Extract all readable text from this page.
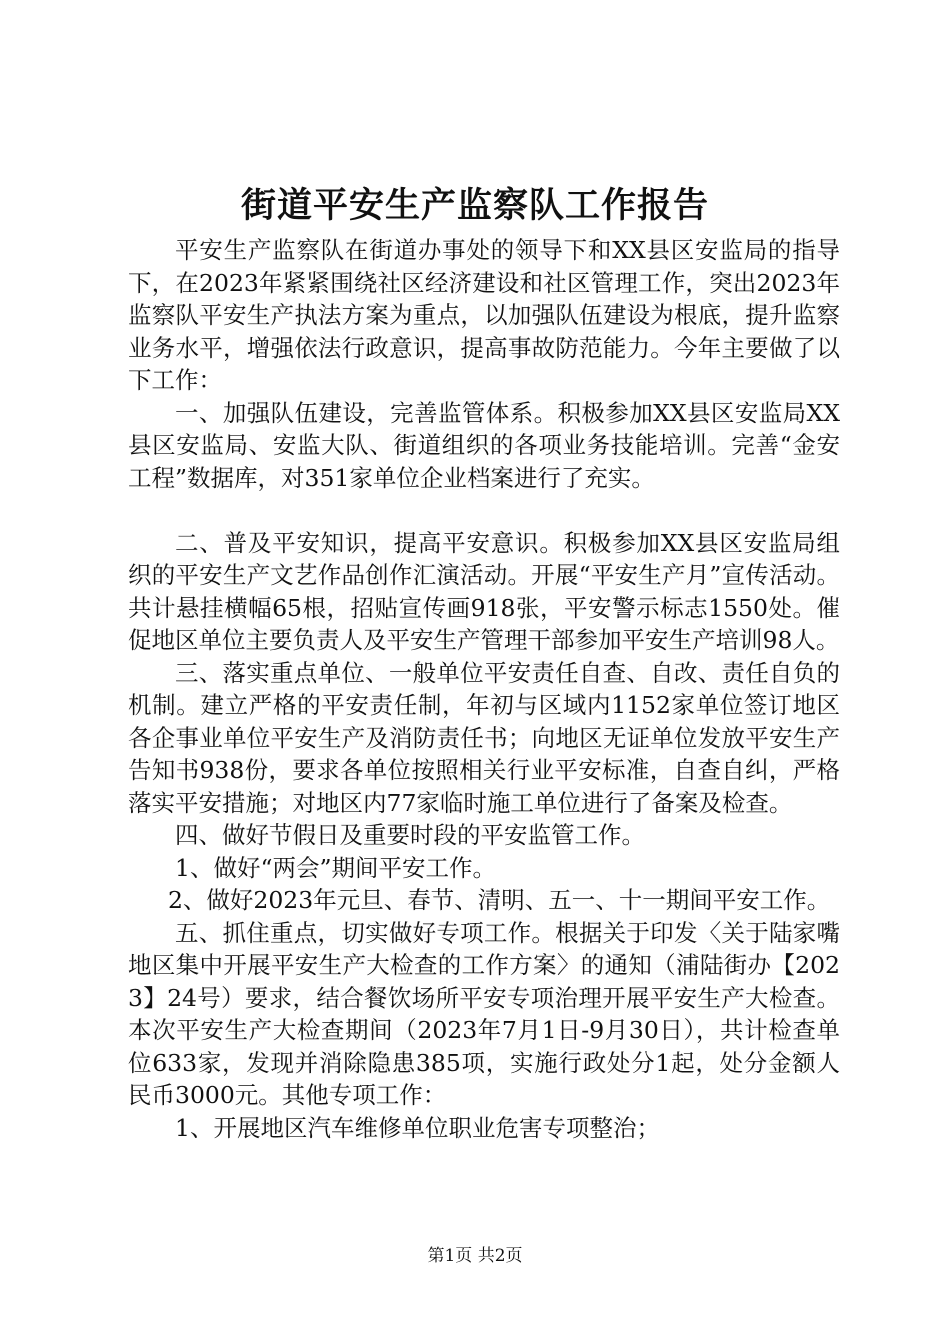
街道平安生产监察队工作报告

平安生产监察队在街道办事处的领导下和XX县区安监局的指导下，在2023年紧紧围绕社区经济建设和社区管理工作，突出2023年监察队平安生产执法方案为重点，以加强队伍建设为根底，提升监察业务水平，增强依法行政意识，提高事故防范能力。今年主要做了以下工作：

一、加强队伍建设，完善监管体系。积极参加XX县区安监局XX县区安监局、安监大队、街道组织的各项业务技能培训。完善“金安工程”数据库，对351家单位企业档案进行了充实。

二、普及平安知识，提高平安意识。积极参加XX县区安监局组织的平安生产文艺作品创作汇演活动。开展“平安生产月”宣传活动。共计悬挂横幅65根，招贴宣传画918张，平安警示标志1550处。催促地区单位主要负责人及平安生产管理干部参加平安生产培训98人。

三、落实重点单位、一般单位平安责任自查、自改、责任自负的机制。建立严格的平安责任制，年初与区域内1152家单位签订地区各企事业单位平安生产及消防责任书；向地区无证单位发放平安生产告知书938份，要求各单位按照相关行业平安标准，自查自纠，严格落实平安措施；对地区内77家临时施工单位进行了备案及检查。

四、做好节假日及重要时段的平安监管工作。

1、做好“两会”期间平安工作。

2、做好2023年元旦、春节、清明、五一、十一期间平安工作。

五、抓住重点，切实做好专项工作。根据关于印发〈关于陆家嘴地区集中开展平安生产大检查的工作方案〉的通知（浦陆街办【2023】24号）要求，结合餐饮场所平安专项治理开展平安生产大检查。本次平安生产大检查期间（2023年7月1日-9月30日），共计检查单位633家，发现并消除隐患385项，实施行政处分1起，处分金额人民币3000元。其他专项工作：

1、开展地区汽车维修单位职业危害专项整治；

第1页 共2页
